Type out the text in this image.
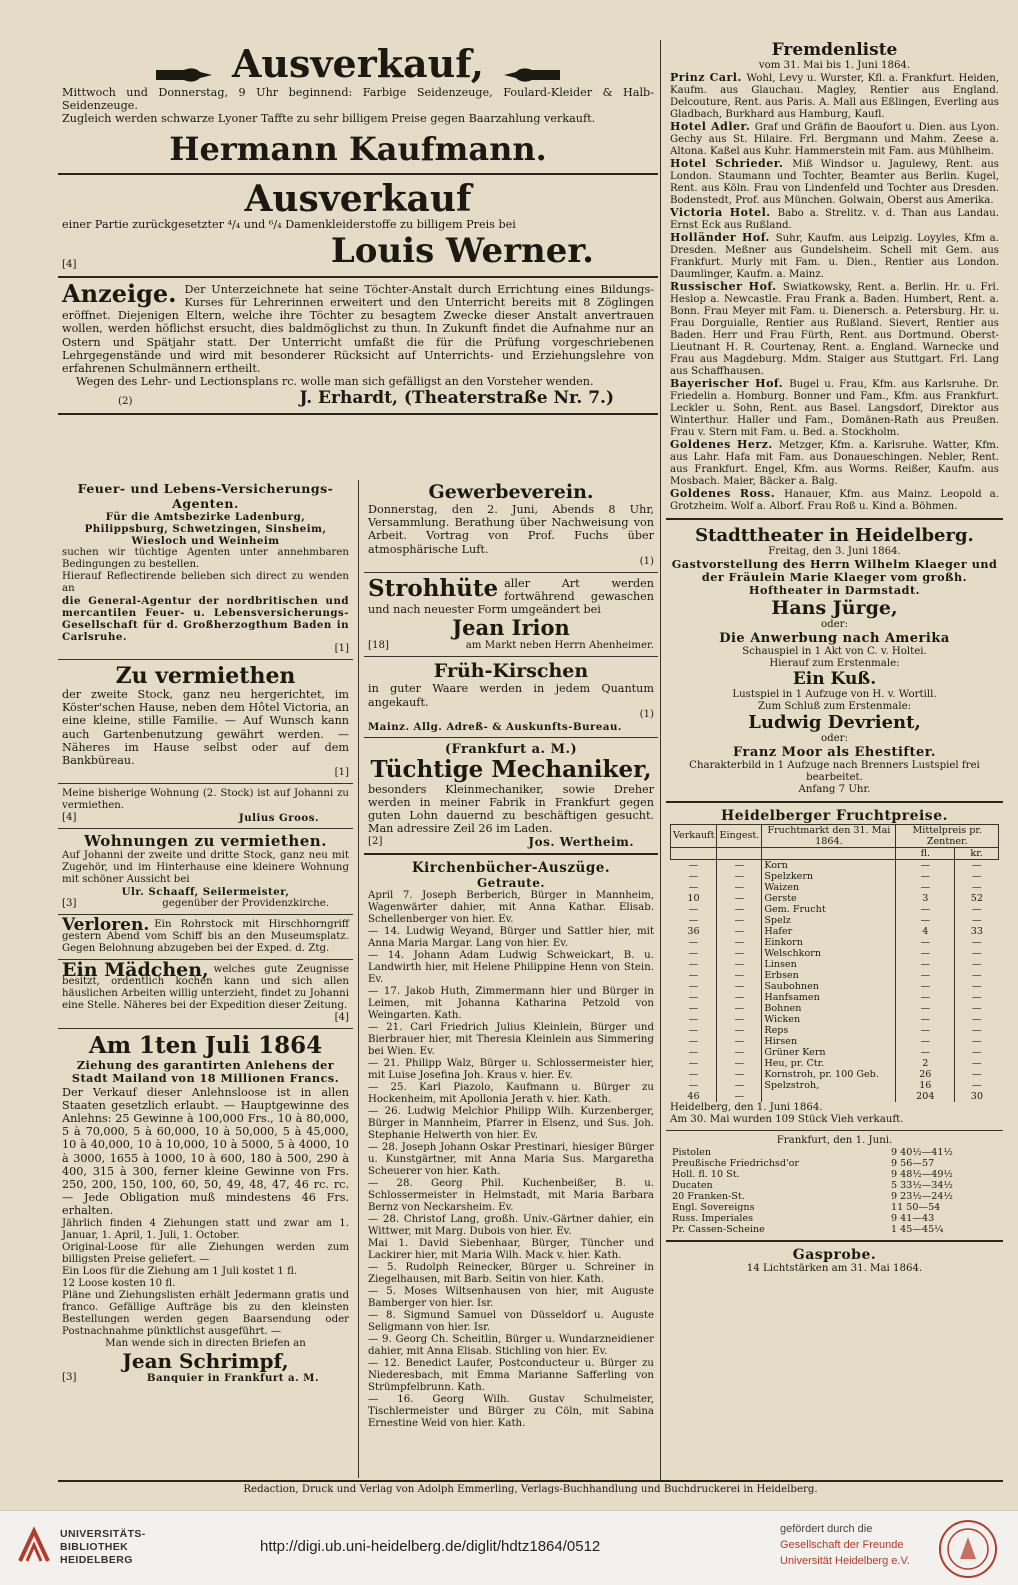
Ausverkauf,

Mittwoch und Donnerstag, 9 Uhr beginnend: Farbige Seidenzeuge, Foulard-Kleider & Halb-Seidenzeuge.

Zugleich werden schwarze Lyoner Taffte zu sehr billigem Preise gegen Baarzahlung verkauft.

Hermann Kaufmann.
Ausverkauf

einer Partie zurückgesetzter ⁴/₄ und ⁶/₄ Damenkleiderstoffe zu billigem Preis bei

[4]	Louis Werner.

Anzeige. Der Unterzeichnete hat seine Töchter-Anstalt durch Errichtung eines Bildungs-Kurses für Lehrerinnen erweitert und den Unterricht bereits mit 8 Zöglingen eröffnet. Diejenigen Eltern, welche ihre Töchter zu besagtem Zwecke dieser Anstalt anvertrauen wollen, werden höflichst ersucht, dies baldmöglichst zu thun. In Zukunft findet die Aufnahme nur an Ostern und Spätjahr statt. Der Unterricht umfaßt die für die Prüfung vorgeschriebenen Lehrgegenstände und wird mit besonderer Rücksicht auf Unterrichts- und Erziehungslehre von erfahrenen Schulmännern ertheilt.

Wegen des Lehr- und Lectionsplans rc. wolle man sich gefälligst an den Vorsteher wenden.

(2)	J. Erhardt, (Theaterstraße Nr. 7.)
Feuer- und Lebens-Versicherungs-Agenten.

Für die Amtsbezirke Ladenburg, Philippsburg, Schwetzingen, Sinsheim, Wiesloch und Weinheim

suchen wir tüchtige Agenten unter annehmbaren Bedingungen zu bestellen.

Hierauf Reflectirende belieben sich direct zu wenden an

die General-Agentur der nordbritischen und mercantilen Feuer- u. Lebensversicherungs-Gesellschaft für d. Großherzogthum Baden in Carlsruhe.

[1]
Zu vermiethen

der zweite Stock, ganz neu hergerichtet, im Köster'schen Hause, neben dem Hôtel Victoria, an eine kleine, stille Familie. — Auf Wunsch kann auch Gartenbenutzung gewährt werden. — Näheres im Hause selbst oder auf dem Bankbüreau.

[1]

Meine bisherige Wohnung (2. Stock) ist auf Johanni zu vermiethen.

[4]	Julius Groos.
Wohnungen zu vermiethen.

Auf Johanni der zweite und dritte Stock, ganz neu mit Zugehör, und im Hinterhause eine kleinere Wohnung mit schöner Aussicht bei

Ulr. Schaaff, Seilermeister,
[3]	gegenüber der Providenzkirche.

Verloren. Ein Rohrstock mit Hirschhorngriff gestern Abend vom Schiff bis an den Museumsplatz. Gegen Belohnung abzugeben bei der Exped. d. Ztg.

Ein Mädchen, welches gute Zeugnisse besitzt, ordentlich kochen kann und sich allen häuslichen Arbeiten willig unterzieht, findet zu Johanni eine Stelle. Näheres bei der Expedition dieser Zeitung.

[4]
Am 1ten Juli 1864

Ziehung des garantirten Anlehens der Stadt Mailand von 18 Millionen Francs.

Der Verkauf dieser Anlehnsloose ist in allen Staaten gesetzlich erlaubt. — Hauptgewinne des Anlehns: 25 Gewinne à 100,000 Frs., 10 à 80,000, 5 à 70,000, 5 à 60,000, 10 à 50,000, 5 à 45,000, 10 à 40,000, 10 à 10,000, 10 à 5000, 5 à 4000, 10 à 3000, 1655 à 1000, 10 à 600, 180 à 500, 290 à 400, 315 à 300, ferner kleine Gewinne von Frs. 250, 200, 150, 100, 60, 50, 49, 48, 47, 46 rc. rc. — Jede Obligation muß mindestens 46 Frs. erhalten.

Jährlich finden 4 Ziehungen statt und zwar am 1. Januar, 1. April, 1. Juli, 1. October.

Original-Loose für alle Ziehungen werden zum billigsten Preise geliefert. —

Ein Loos für die Ziehung am 1 Juli kostet 1 fl.

12 Loose kosten 10 fl.

Pläne und Ziehungslisten erhält Jedermann gratis und franco. Gefällige Aufträge bis zu den kleinsten Bestellungen werden gegen Baarsendung oder Postnachnahme pünktlichst ausgeführt. —

Man wende sich in directen Briefen an

Jean Schrimpf,
[3]	Banquier in Frankfurt a. M.
Gewerbeverein.

Donnerstag, den 2. Juni, Abends 8 Uhr, Versammlung. Berathung über Nachweisung von Arbeit. Vortrag von Prof. Fuchs über atmosphärische Luft.

(1)

Strohhüte aller Art werden fortwährend gewaschen und nach neuester Form umgeändert bei

Jean Irion
[18]	am Markt neben Herrn Ahenheimer.
Früh-Kirschen

in guter Waare werden in jedem Quantum angekauft.

(1)
Mainz. Allg. Adreß- & Auskunfts-Bureau.
(Frankfurt a. M.)
Tüchtige Mechaniker,

besonders Kleinmechaniker, sowie Dreher werden in meiner Fabrik in Frankfurt gegen guten Lohn dauernd zu beschäftigen gesucht. Man adressire Zeil 26 im Laden.

[2]	Jos. Wertheim.
Kirchenbücher-Auszüge.
Getraute.

April 7. Joseph Berberich, Bürger in Mannheim, Wagenwärter dahier, mit Anna Kathar. Elisab. Schellenberger von hier. Ev.

— 14. Ludwig Weyand, Bürger und Sattler hier, mit Anna Maria Margar. Lang von hier. Ev.

— 14. Johann Adam Ludwig Schweickart, B. u. Landwirth hier, mit Helene Philippine Henn von Stein. Ev.

— 17. Jakob Huth, Zimmermann hier und Bürger in Leimen, mit Johanna Katharina Petzold von Weingarten. Kath.

— 21. Carl Friedrich Julius Kleinlein, Bürger und Bierbrauer hier, mit Theresia Kleinlein aus Simmering bei Wien. Ev.

— 21. Philipp Walz, Bürger u. Schlossermeister hier, mit Luise Josefina Joh. Kraus v. hier. Ev.

— 25. Karl Piazolo, Kaufmann u. Bürger zu Hockenheim, mit Apollonia Jerath v. hier. Kath.

— 26. Ludwig Melchior Philipp Wilh. Kurzenberger, Bürger in Mannheim, Pfarrer in Elsenz, und Sus. Joh. Stephanie Helwerth von hier. Ev.

— 28. Joseph Johann Oskar Prestinari, hiesiger Bürger u. Kunstgärtner, mit Anna Maria Sus. Margaretha Scheuerer von hier. Kath.

— 28. Georg Phil. Kuchenbeißer, B. u. Schlossermeister in Helmstadt, mit Maria Barbara Bernz von Neckarsheim. Ev.

— 28. Christof Lang, großh. Univ.-Gärtner dahier, ein Wittwer, mit Marg. Dubois von hier. Ev.

Mai 1. David Siebenhaar, Bürger, Tüncher und Lackirer hier, mit Maria Wilh. Mack v. hier. Kath.

— 5. Rudolph Reinecker, Bürger u. Schreiner in Ziegelhausen, mit Barb. Seitin von hier. Kath.

— 5. Moses Wiltsenhausen von hier, mit Auguste Bamberger von hier. Isr.

— 8. Sigmund Samuel von Düsseldorf u. Auguste Seligmann von hier. Isr.

— 9. Georg Ch. Scheitlin, Bürger u. Wundarzneidiener dahier, mit Anna Elisab. Stichling von hier. Ev.

— 12. Benedict Laufer, Postconducteur u. Bürger zu Niederesbach, mit Emma Marianne Safferling von Strümpfelbrunn. Kath.

— 16. Georg Wilh. Gustav Schulmeister, Tischlermeister und Bürger zu Cöln, mit Sabina Ernestine Weid von hier. Kath.

Fremdenliste
vom 31. Mai bis 1. Juni 1864.

Prinz Carl. Wohl, Levy u. Wurster, Kfl. a. Frankfurt. Heiden, Kaufm. aus Glauchau. Magley, Rentier aus England. Delcouture, Rent. aus Paris. A. Mall aus Eßlingen, Everling aus Gladbach, Burkhard aus Hamburg, Kaufl.

Hotel Adler. Graf und Gräfin de Baoufort u. Dien. aus Lyon. Gechy aus St. Hilaire. Frl. Bergmann und Mahm. Zeese a. Altona. Kaßel aus Kuhr. Hammerstein mit Fam. aus Mühlheim.

Hotel Schrieder. Miß Windsor u. Jagulewy, Rent. aus London. Staumann und Tochter, Beamter aus Berlin. Kugel, Rent. aus Köln. Frau von Lindenfeld und Tochter aus Dresden. Bodenstedt, Prof. aus München. Golwain, Oberst aus Amerika.

Victoria Hotel. Babo a. Strelitz. v. d. Than aus Landau. Ernst Eck aus Rußland.

Holländer Hof. Suhr, Kaufm. aus Leipzig. Loyyles, Kfm a. Dresden. Meßner aus Gundelsheim. Schell mit Gem. aus Frankfurt. Murly mit Fam. u. Dien., Rentier aus London. Daumlinger, Kaufm. a. Mainz.

Russischer Hof. Swiatkowsky, Rent. a. Berlin. Hr. u. Frl. Heslop a. Newcastle. Frau Frank a. Baden. Humbert, Rent. a. Bonn. Frau Meyer mit Fam. u. Dienersch. a. Petersburg. Hr. u. Frau Dorguialle, Rentier aus Rußland. Sievert, Rentier aus Baden. Herr und Frau Fürth, Rent. aus Dortmund. Oberst-Lieutnant H. R. Courtenay, Rent. a. England. Warnecke und Frau aus Magdeburg. Mdm. Staiger aus Stuttgart. Frl. Lang aus Schaffhausen.

Bayerischer Hof. Bugel u. Frau, Kfm. aus Karlsruhe. Dr. Friedelin a. Homburg. Bonner und Fam., Kfm. aus Frankfurt. Leckler u. Sohn, Rent. aus Basel. Langsdorf, Direktor aus Winterthur. Haller und Fam., Domänen-Rath aus Preußen. Frau v. Stern mit Fam. u. Bed. a. Stockholm.

Goldenes Herz. Metzger, Kfm. a. Karlsruhe. Watter, Kfm. aus Lahr. Hafa mit Fam. aus Donaueschingen. Nebler, Rent. aus Frankfurt. Engel, Kfm. aus Worms. Reißer, Kaufm. aus Mosbach. Maier, Bäcker a. Balg.

Goldenes Ross. Hanauer, Kfm. aus Mainz. Leopold a. Grotzheim. Wolf a. Alborf. Frau Roß u. Kind a. Böhmen.

Stadttheater in Heidelberg.
Freitag, den 3. Juni 1864.

Gastvorstellung des Herrn Wilhelm Klaeger und der Fräulein Marie Klaeger vom großh. Hoftheater in Darmstadt.

Hans Jürge,
oder:
Die Anwerbung nach Amerika
Schauspiel in 1 Akt von C. v. Holtei.
Hierauf zum Erstenmale:
Ein Kuß.
Lustspiel in 1 Aufzuge von H. v. Wortill.
Zum Schluß zum Erstenmale:
Ludwig Devrient,
oder:
Franz Moor als Ehestifter.
Charakterbild in 1 Aufzuge nach Brenners Lustspiel frei bearbeitet.
Anfang 7 Uhr.
Heidelberger Fruchtpreise.
Verkauft	Eingest.	Fruchtmarkt den 31. Mai 1864.	Mittelpreis pr. Zentner.	
			fl.	kr.
—	—	Korn	—	—
—	—	Spelzkern	—	—
—	—	Waizen	—	—
10	—	Gerste	3	52
—	—	Gem. Frucht	—	—
—	—	Spelz	—	—
36	—	Hafer	4	33
—	—	Einkorn	—	—
—	—	Welschkorn	—	—
—	—	Linsen	—	—
—	—	Erbsen	—	—
—	—	Saubohnen	—	—
—	—	Hanfsamen	—	—
—	—	Bohnen	—	—
—	—	Wicken	—	—
—	—	Reps	—	—
—	—	Hirsen	—	—
—	—	Grüner Kern	—	—
—	—	Heu, pr. Ctr.	2	—
—	—	Kornstroh, pr. 100 Geb.	26	—
—	—	Spelzstroh,	16	—
46	—		204	30
Heidelberg, den 1. Juni 1864.
Am 30. Mai wurden 109 Stück Vieh verkauft.
Frankfurt, den 1. Juni.
Pistolen	9 40½—41½
Preußische Friedrichsd'or	9 56—57
Holl. fl. 10 St.	9 48½—49½
Ducaten	5 33½—34½
20 Franken-St.	9 23½—24½
Engl. Sovereigns	11 50—54
Russ. Imperiales	9 41—43
Pr. Cassen-Scheine	1 45—45¼
Gasprobe.
14 Lichtstärken am 31. Mai 1864.
Redaction, Druck und Verlag von Adolph Emmerling, Verlags-Buchhandlung und Buchdruckerei in Heidelberg.
UNIVERSITÄTS-
BIBLIOTHEK
HEIDELBERG
http://digi.ub.uni-heidelberg.de/diglit/hdtz1864/0512
gefördert durch die
Gesellschaft der Freunde
Universität Heidelberg e.V.
